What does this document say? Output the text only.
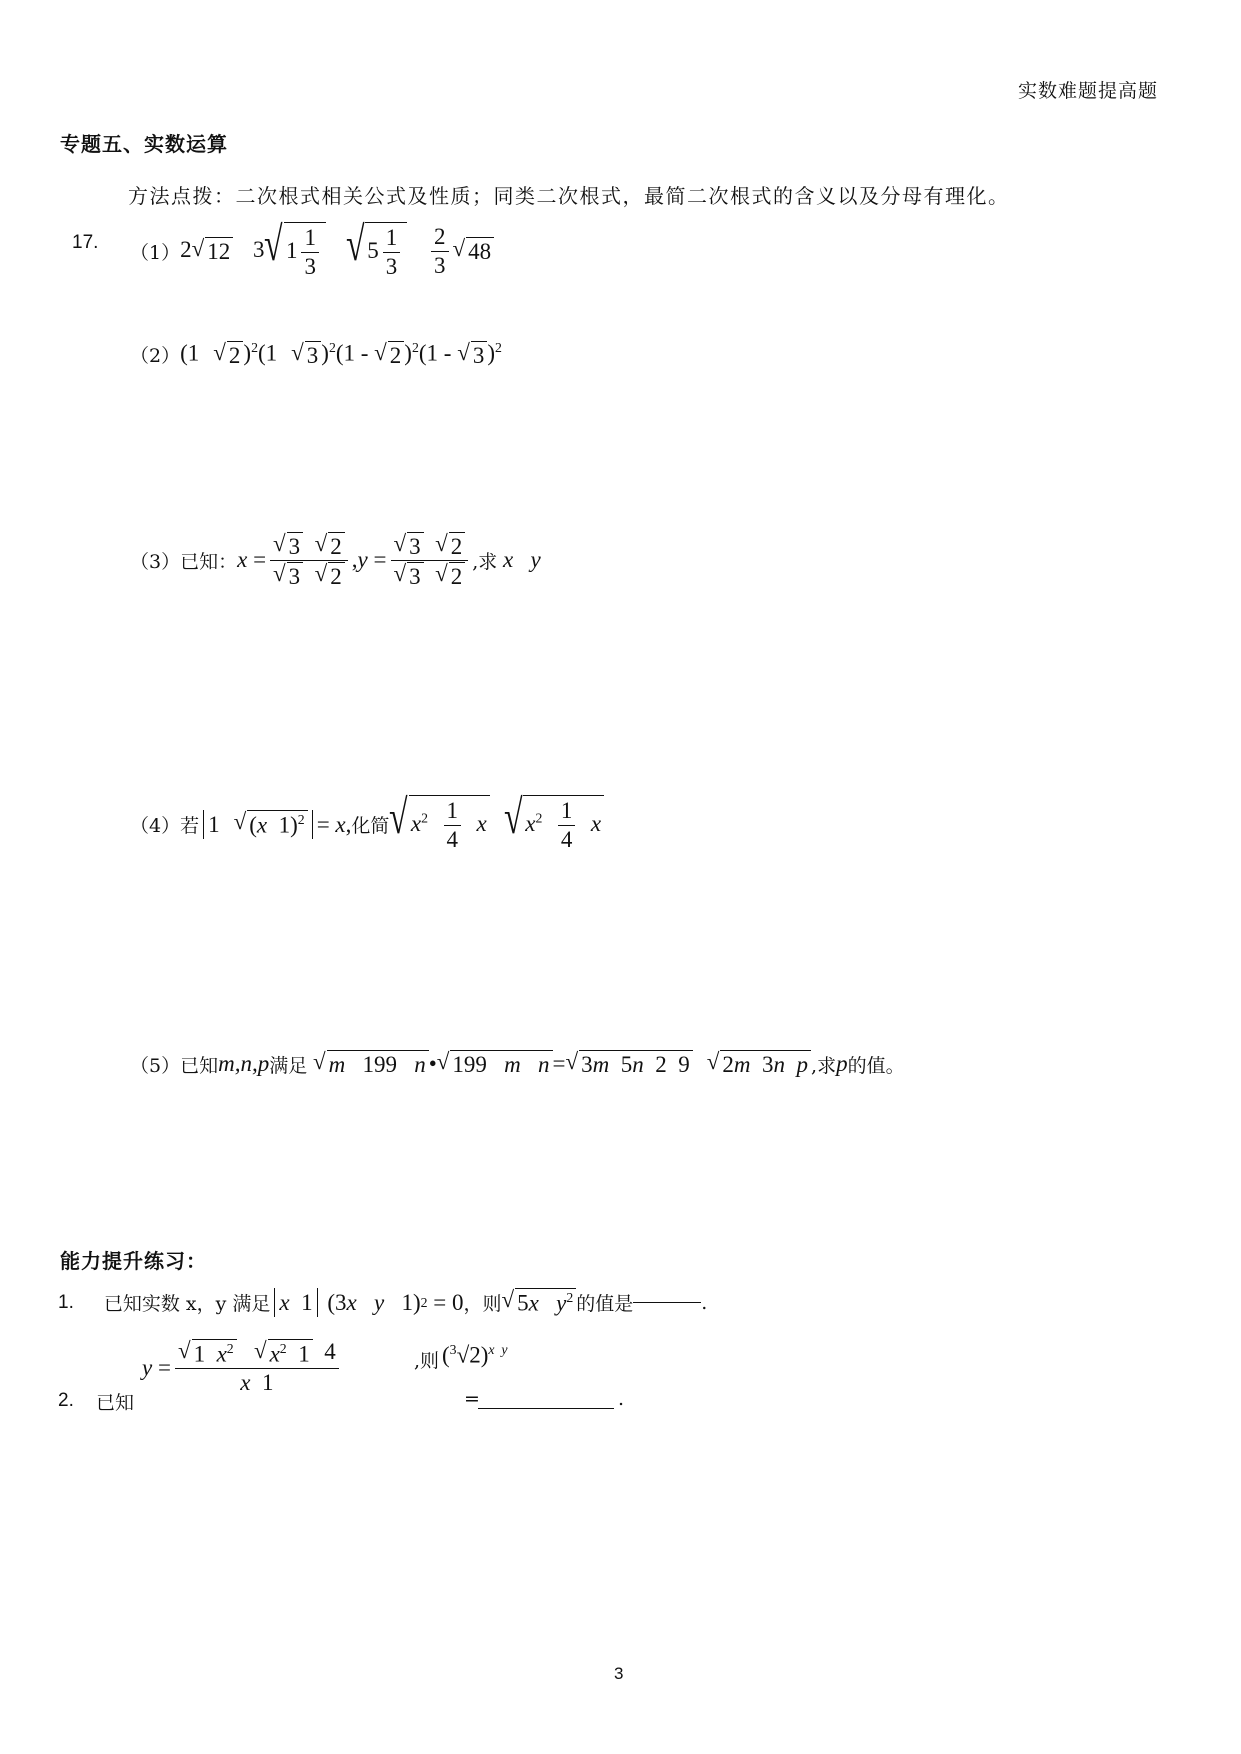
实数难题提高题
专题五、实数运算
方法点拨：二次根式相关公式及性质；同类二次根式，最简二次根式的含义以及分母有理化。
17. （1） 2 √ 12 3 √ $1 \frac{1}{3}$
√ $5 \frac{1}{3}$
$\frac{2}{3}$ √ 48
（2） (1 √ 2 )$^2$(1 √ 3 )$^2$(1 - √ 2 )$^2$(1 - √ 3 )$^2$
（3）已知： x = √ 3
√ 2
√ 3
√ 2 , y = √ 3
√ 2
√ 3
√ 2 ,求 x y
（4）若 1 √ (x  1)$^2$ = x , 化简 √ $x^2 \frac{1}{4}$ x √ $x^2 \frac{1}{4}$ x
（5）已知 m,n,p 满足
√ m   199   n • √ 199   m n = √ 3m  5n  2  9 √ 2m  3n p ,求 p 的值。
能力提升练习：
1. 已知实数 x，y 满足 x 1
(3 x
y 1) 2 = 0 ，则 √ 5x $y^2$ 的值是	.
2. 已知
y = √ 1  $x^2$
√ $x^2$  1 4
x  1	,则 $(^3√2)^{x y}$
=	.
3
